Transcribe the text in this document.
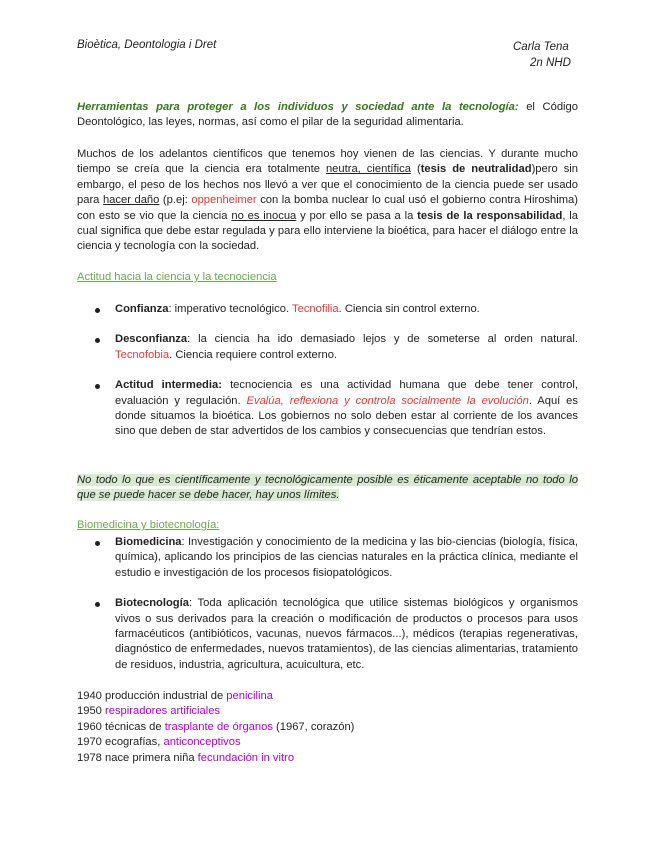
Bioètica, Deontologia i Dret	Carla Tena
2n NHD
Herramientas para proteger a los individuos y sociedad ante la tecnología: el Código Deontológico, las leyes, normas, así como el pilar de la seguridad alimentaria.
Muchos de los adelantos científicos que tenemos hoy vienen de las ciencias. Y durante mucho tiempo se creía que la ciencia era totalmente neutra, científica (tesis de neutralidad)pero sin embargo, el peso de los hechos nos llevó a ver que el conocimiento de la ciencia puede ser usado para hacer daño (p.ej: oppenheimer con la bomba nuclear lo cual usó el gobierno contra Hiroshima) con esto se vio que la ciencia no es inocua y por ello se pasa a la tesis de la responsabilidad, la cual significa que debe estar regulada y para ello interviene la bioética, para hacer el diálogo entre la ciencia y tecnología con la sociedad.
Actitud hacia la ciencia y la tecnociencia
Confianza: imperativo tecnológico. Tecnofilia. Ciencia sin control externo.
Desconfianza: la ciencia ha ido demasiado lejos y de someterse al orden natural. Tecnofobia. Ciencia requiere control externo.
Actitud intermedia: tecnociencia es una actividad humana que debe tener control, evaluación y regulación. Evalúa, reflexiona y controla socialmente la evolución. Aquí es donde situamos la bioética. Los gobiernos no solo deben estar al corriente de los avances sino que deben de star advertidos de los cambios y consecuencias que tendrían estos.
No todo lo que es científicamente y tecnológicamente posible es éticamente aceptable no todo lo que se puede hacer se debe hacer, hay unos límites.
Biomedicina y biotecnología:
Biomedicina: Investigación y conocimiento de la medicina y las bio-ciencias (biología, física, química), aplicando los principios de las ciencias naturales en la práctica clínica, mediante el estudio e investigación de los procesos fisiopatológicos.
Biotecnología: Toda aplicación tecnológica que utilice sistemas biológicos y organismos vivos o sus derivados para la creación o modificación de productos o procesos para usos farmacéuticos (antibióticos, vacunas, nuevos fármacos...), médicos (terapias regenerativas, diagnóstico de enfermedades, nuevos tratamientos), de las ciencias alimentarias, tratamiento de residuos, industria, agricultura, acuicultura, etc.
1940 producción industrial de penicilina
1950 respiradores artificiales
1960 técnicas de trasplante de órganos (1967, corazón)
1970 ecografías, anticonceptivos
1978 nace primera niña fecundación in vitro
